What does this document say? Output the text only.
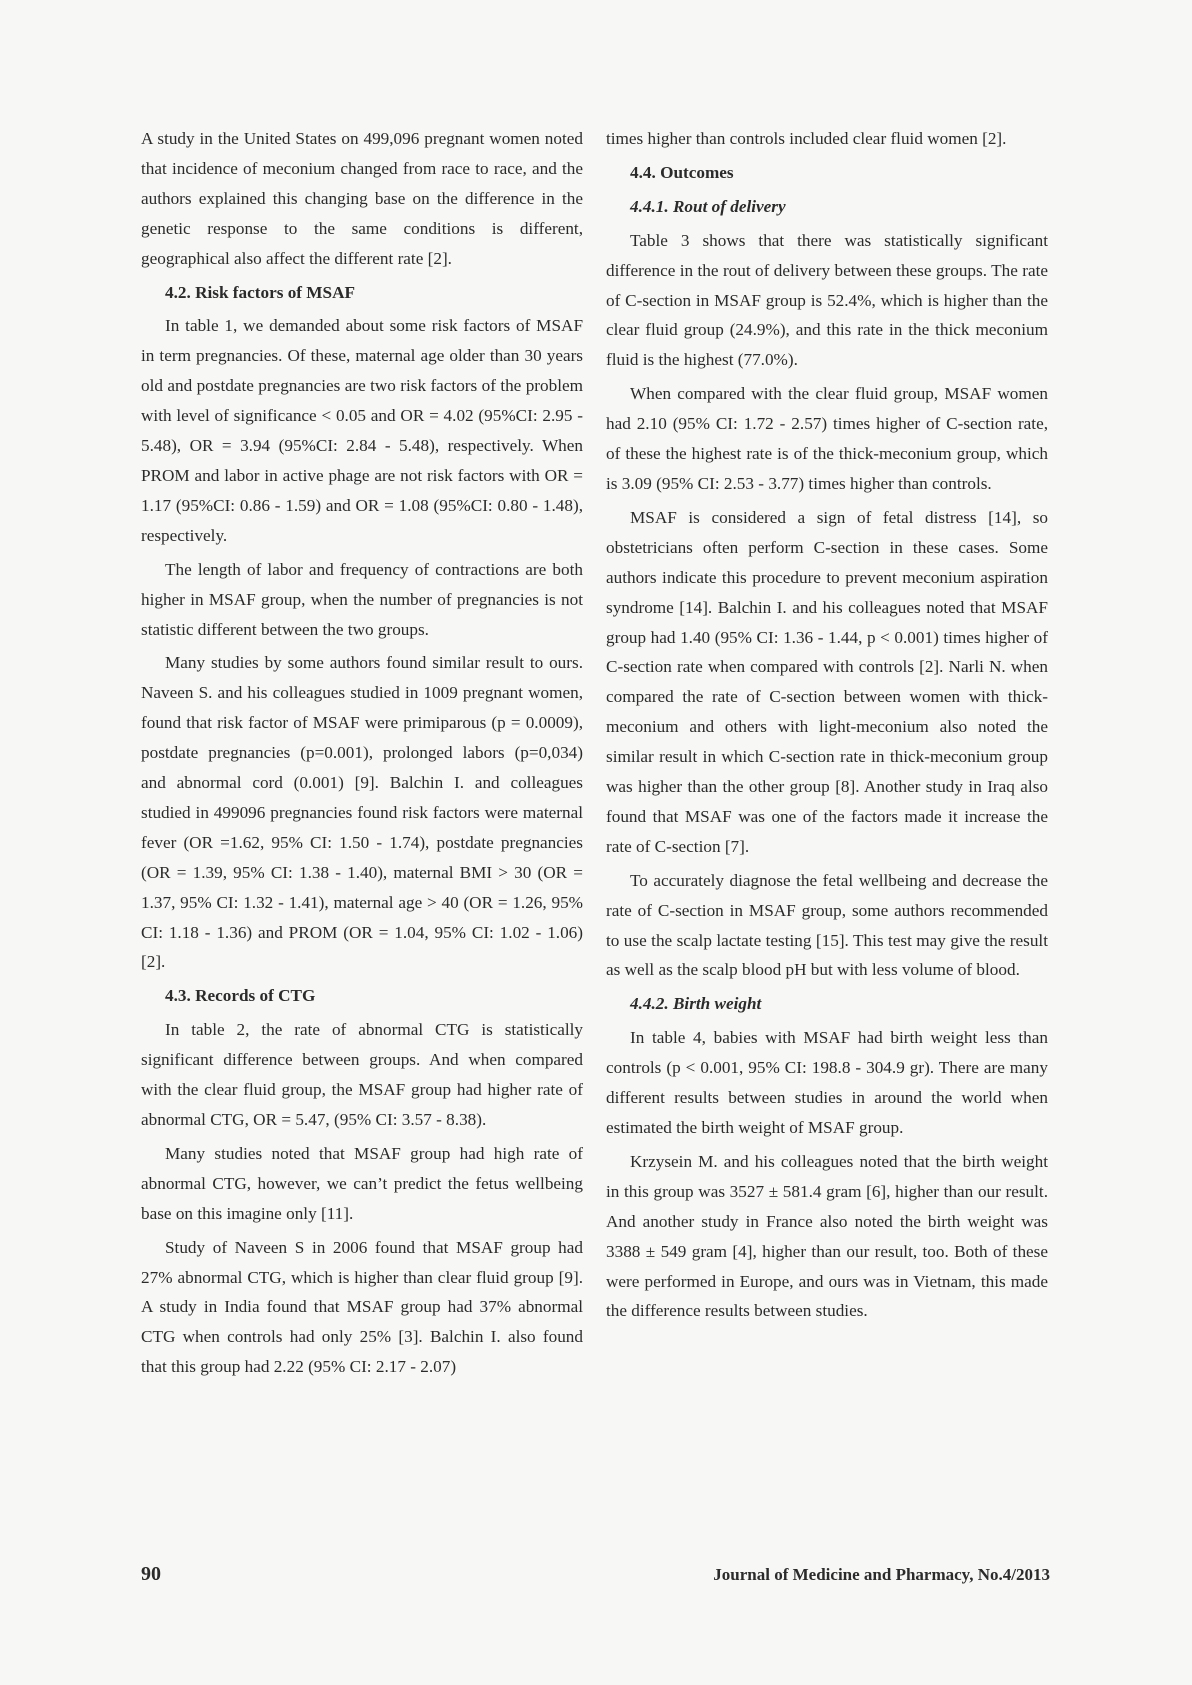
A study in the United States on 499,096 pregnant women noted that incidence of meconium changed from race to race, and the authors explained this changing base on the difference in the genetic response to the same conditions is different, geographical also affect the different rate [2].

4.2. Risk factors of MSAF

In table 1, we demanded about some risk factors of MSAF in term pregnancies. Of these, maternal age older than 30 years old and postdate pregnancies are two risk factors of the problem with level of significance < 0.05 and OR = 4.02 (95%CI: 2.95 - 5.48), OR = 3.94 (95%CI: 2.84 - 5.48), respectively. When PROM and labor in active phage are not risk factors with OR = 1.17 (95%CI: 0.86 - 1.59) and OR = 1.08 (95%CI: 0.80 - 1.48), respectively.

The length of labor and frequency of contractions are both higher in MSAF group, when the number of pregnancies is not statistic different between the two groups.

Many studies by some authors found similar result to ours. Naveen S. and his colleagues studied in 1009 pregnant women, found that risk factor of MSAF were primiparous (p = 0.0009), postdate pregnancies (p=0.001), prolonged labors (p=0,034) and abnormal cord (0.001) [9]. Balchin I. and colleagues studied in 499096 pregnancies found risk factors were maternal fever (OR =1.62, 95% CI: 1.50 - 1.74), postdate pregnancies (OR = 1.39, 95% CI: 1.38 - 1.40), maternal BMI > 30 (OR = 1.37, 95% CI: 1.32 - 1.41), maternal age > 40 (OR = 1.26, 95% CI: 1.18 - 1.36) and PROM (OR = 1.04, 95% CI: 1.02 - 1.06) [2].

4.3. Records of CTG

In table 2, the rate of abnormal CTG is statistically significant difference between groups. And when compared with the clear fluid group, the MSAF group had higher rate of abnormal CTG, OR = 5.47, (95% CI: 3.57 - 8.38).

Many studies noted that MSAF group had high rate of abnormal CTG, however, we can’t predict the fetus wellbeing base on this imagine only [11].

Study of Naveen S in 2006 found that MSAF group had 27% abnormal CTG, which is higher than clear fluid group [9]. A study in India found that MSAF group had 37% abnormal CTG when controls had only 25% [3]. Balchin I. also found that this group had 2.22 (95% CI: 2.17 - 2.07)

times higher than controls included clear fluid women [2].

4.4. Outcomes
4.4.1. Rout of delivery

Table 3 shows that there was statistically significant difference in the rout of delivery between these groups. The rate of C-section in MSAF group is 52.4%, which is higher than the clear fluid group (24.9%), and this rate in the thick meconium fluid is the highest (77.0%).

When compared with the clear fluid group, MSAF women had 2.10 (95% CI: 1.72 - 2.57) times higher of C-section rate, of these the highest rate is of the thick-meconium group, which is 3.09 (95% CI: 2.53 - 3.77) times higher than controls.

MSAF is considered a sign of fetal distress [14], so obstetricians often perform C-section in these cases. Some authors indicate this procedure to prevent meconium aspiration syndrome [14]. Balchin I. and his colleagues noted that MSAF group had 1.40 (95% CI: 1.36 - 1.44, p < 0.001) times higher of C-section rate when compared with controls [2]. Narli N. when compared the rate of C-section between women with thick-meconium and others with light-meconium also noted the similar result in which C-section rate in thick-meconium group was higher than the other group [8]. Another study in Iraq also found that MSAF was one of the factors made it increase the rate of C-section [7].

To accurately diagnose the fetal wellbeing and decrease the rate of C-section in MSAF group, some authors recommended to use the scalp lactate testing [15]. This test may give the result as well as the scalp blood pH but with less volume of blood.

4.4.2. Birth weight

In table 4, babies with MSAF had birth weight less than controls (p < 0.001, 95% CI: 198.8 - 304.9 gr). There are many different results between studies in around the world when estimated the birth weight of MSAF group.

Krzysein M. and his colleagues noted that the birth weight in this group was 3527 ± 581.4 gram [6], higher than our result. And another study in France also noted the birth weight was 3388 ± 549 gram [4], higher than our result, too. Both of these were performed in Europe, and ours was in Vietnam, this made the difference results between studies.

90	Journal of Medicine and Pharmacy, No.4/2013
